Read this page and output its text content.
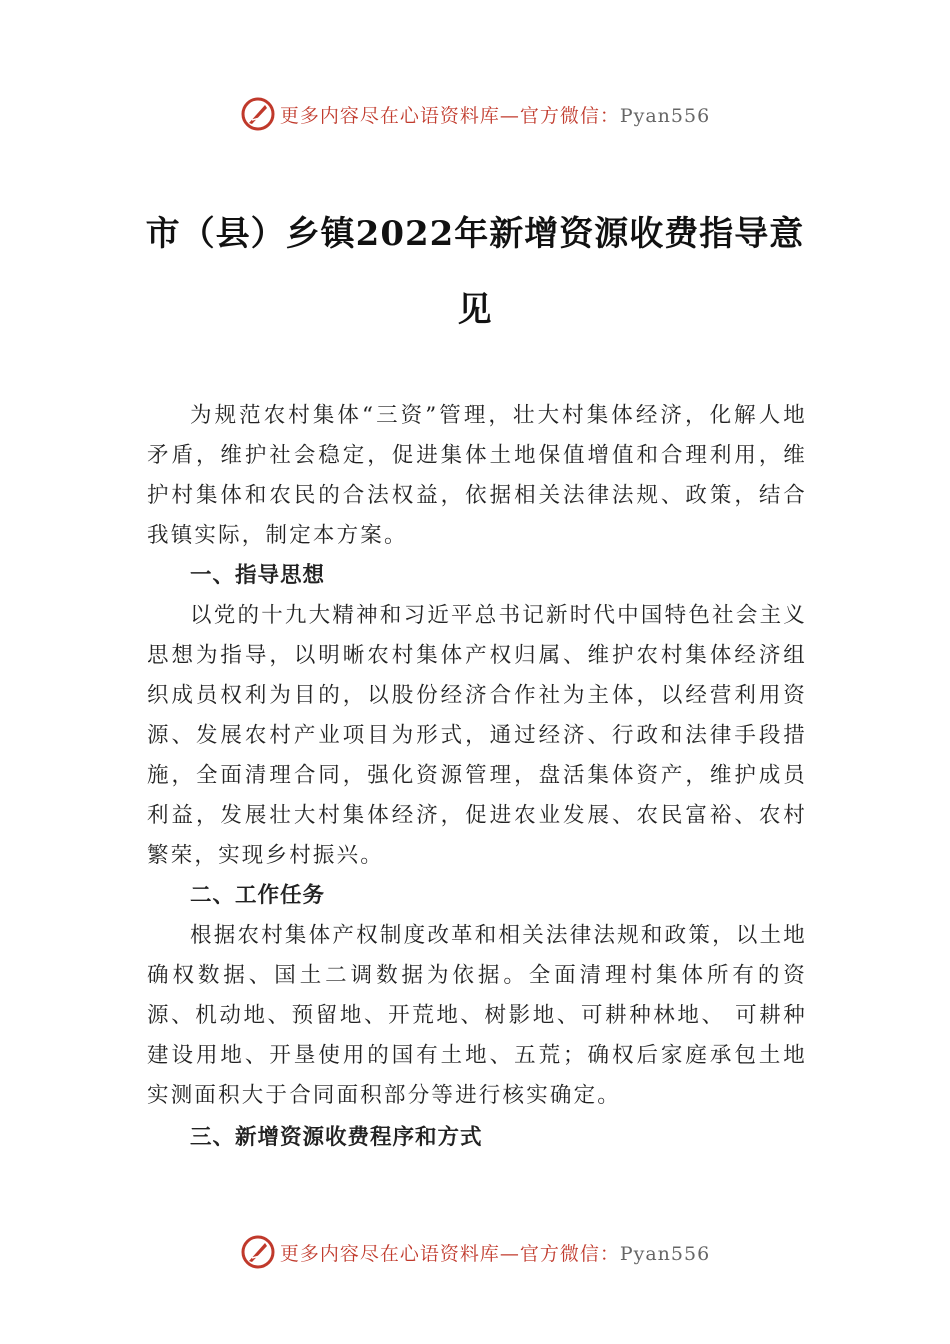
更多内容尽在心语资料库—官方微信：Pyan556
市（县）乡镇2022年新增资源收费指导意
见

为规范农村集体“三资”管理，壮大村集体经济，化解人地矛盾，维护社会稳定，促进集体土地保值增值和合理利用，维护村集体和农民的合法权益，依据相关法律法规、政策，结合我镇实际，制定本方案。

一、指导思想

以党的十九大精神和习近平总书记新时代中国特色社会主义思想为指导，以明晰农村集体产权归属、维护农村集体经济组织成员权利为目的，以股份经济合作社为主体，以经营利用资源、发展农村产业项目为形式，通过经济、行政和法律手段措施，全面清理合同，强化资源管理，盘活集体资产，维护成员利益，发展壮大村集体经济，促进农业发展、农民富裕、农村繁荣，实现乡村振兴。

二、工作任务

根据农村集体产权制度改革和相关法律法规和政策，以土地确权数据、国土二调数据为依据。全面清理村集体所有的资源、机动地、预留地、开荒地、树影地、可耕种林地、 可耕种建设用地、开垦使用的国有土地、五荒；确权后家庭承包土地实测面积大于合同面积部分等进行核实确定。

三、新增资源收费程序和方式
更多内容尽在心语资料库—官方微信：Pyan556
